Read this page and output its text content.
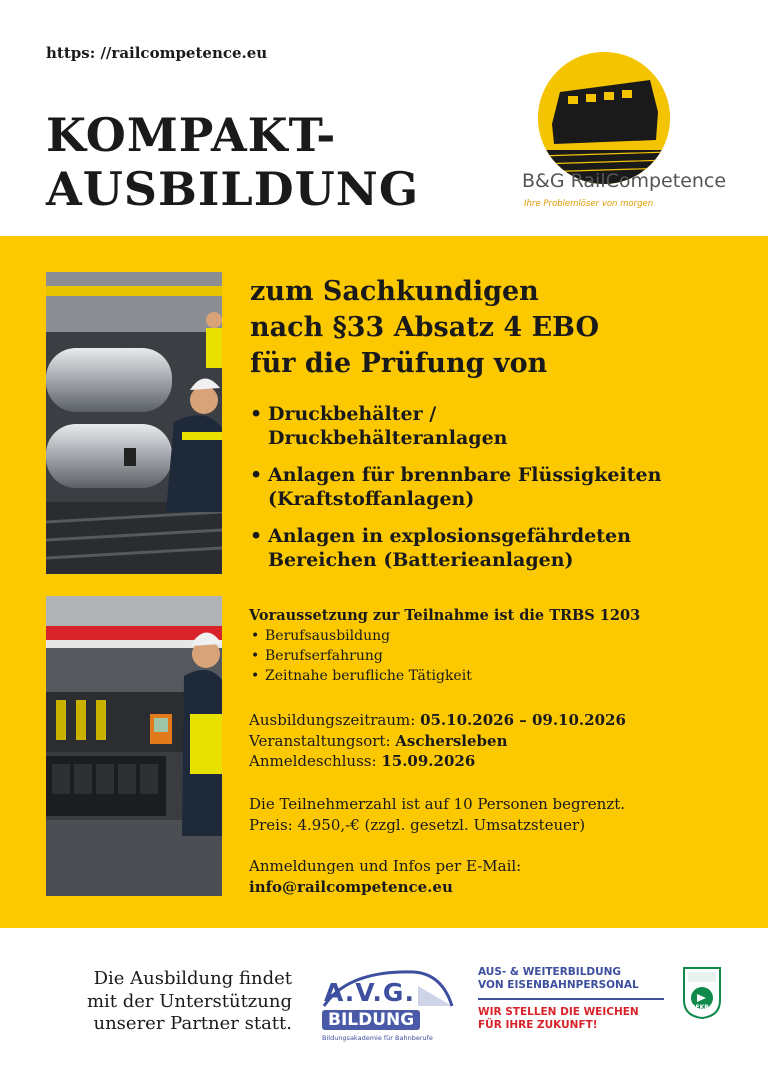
https: //railcompetence.eu
KOMPAKT-
AUSBILDUNG	B&G RailCompetence
Ihre Problemlöser von morgen
zum Sachkundigen
nach §33 Absatz 4 EBO
für die Prüfung von
• Druckbehälter /
Druckbehälteranlagen
• Anlagen für brennbare Flüssigkeiten
(Kraftstoffanlagen)
• Anlagen in explosionsgefährdeten
Bereichen (Batterieanlagen)
Voraussetzung zur Teilnahme ist die TRBS 1203
• Berufsausbildung
• Berufserfahrung
• Zeitnahe berufliche Tätigkeit
Ausbildungszeitraum: 05.10.2026 – 09.10.2026
Veranstaltungsort: Aschersleben
Anmeldeschluss: 15.09.2026
Die Teilnehmerzahl ist auf 10 Personen begrenzt.
Preis: 4.950,-€ (zzgl. gesetzl. Umsatzsteuer)
Anmeldungen und Infos per E-Mail:
info@railcompetence.eu
Die Ausbildung findet
mit der Unterstützung
unserer Partner statt.
A.V.G.
BILDUNG
Bildungsakademie für Bahnberufe
AUS- & WEITERBILDUNG
VON EISENBAHNPERSONAL
WIR STELLEN DIE WEICHEN
FÜR IHRE ZUKUNFT!
DEKRA
